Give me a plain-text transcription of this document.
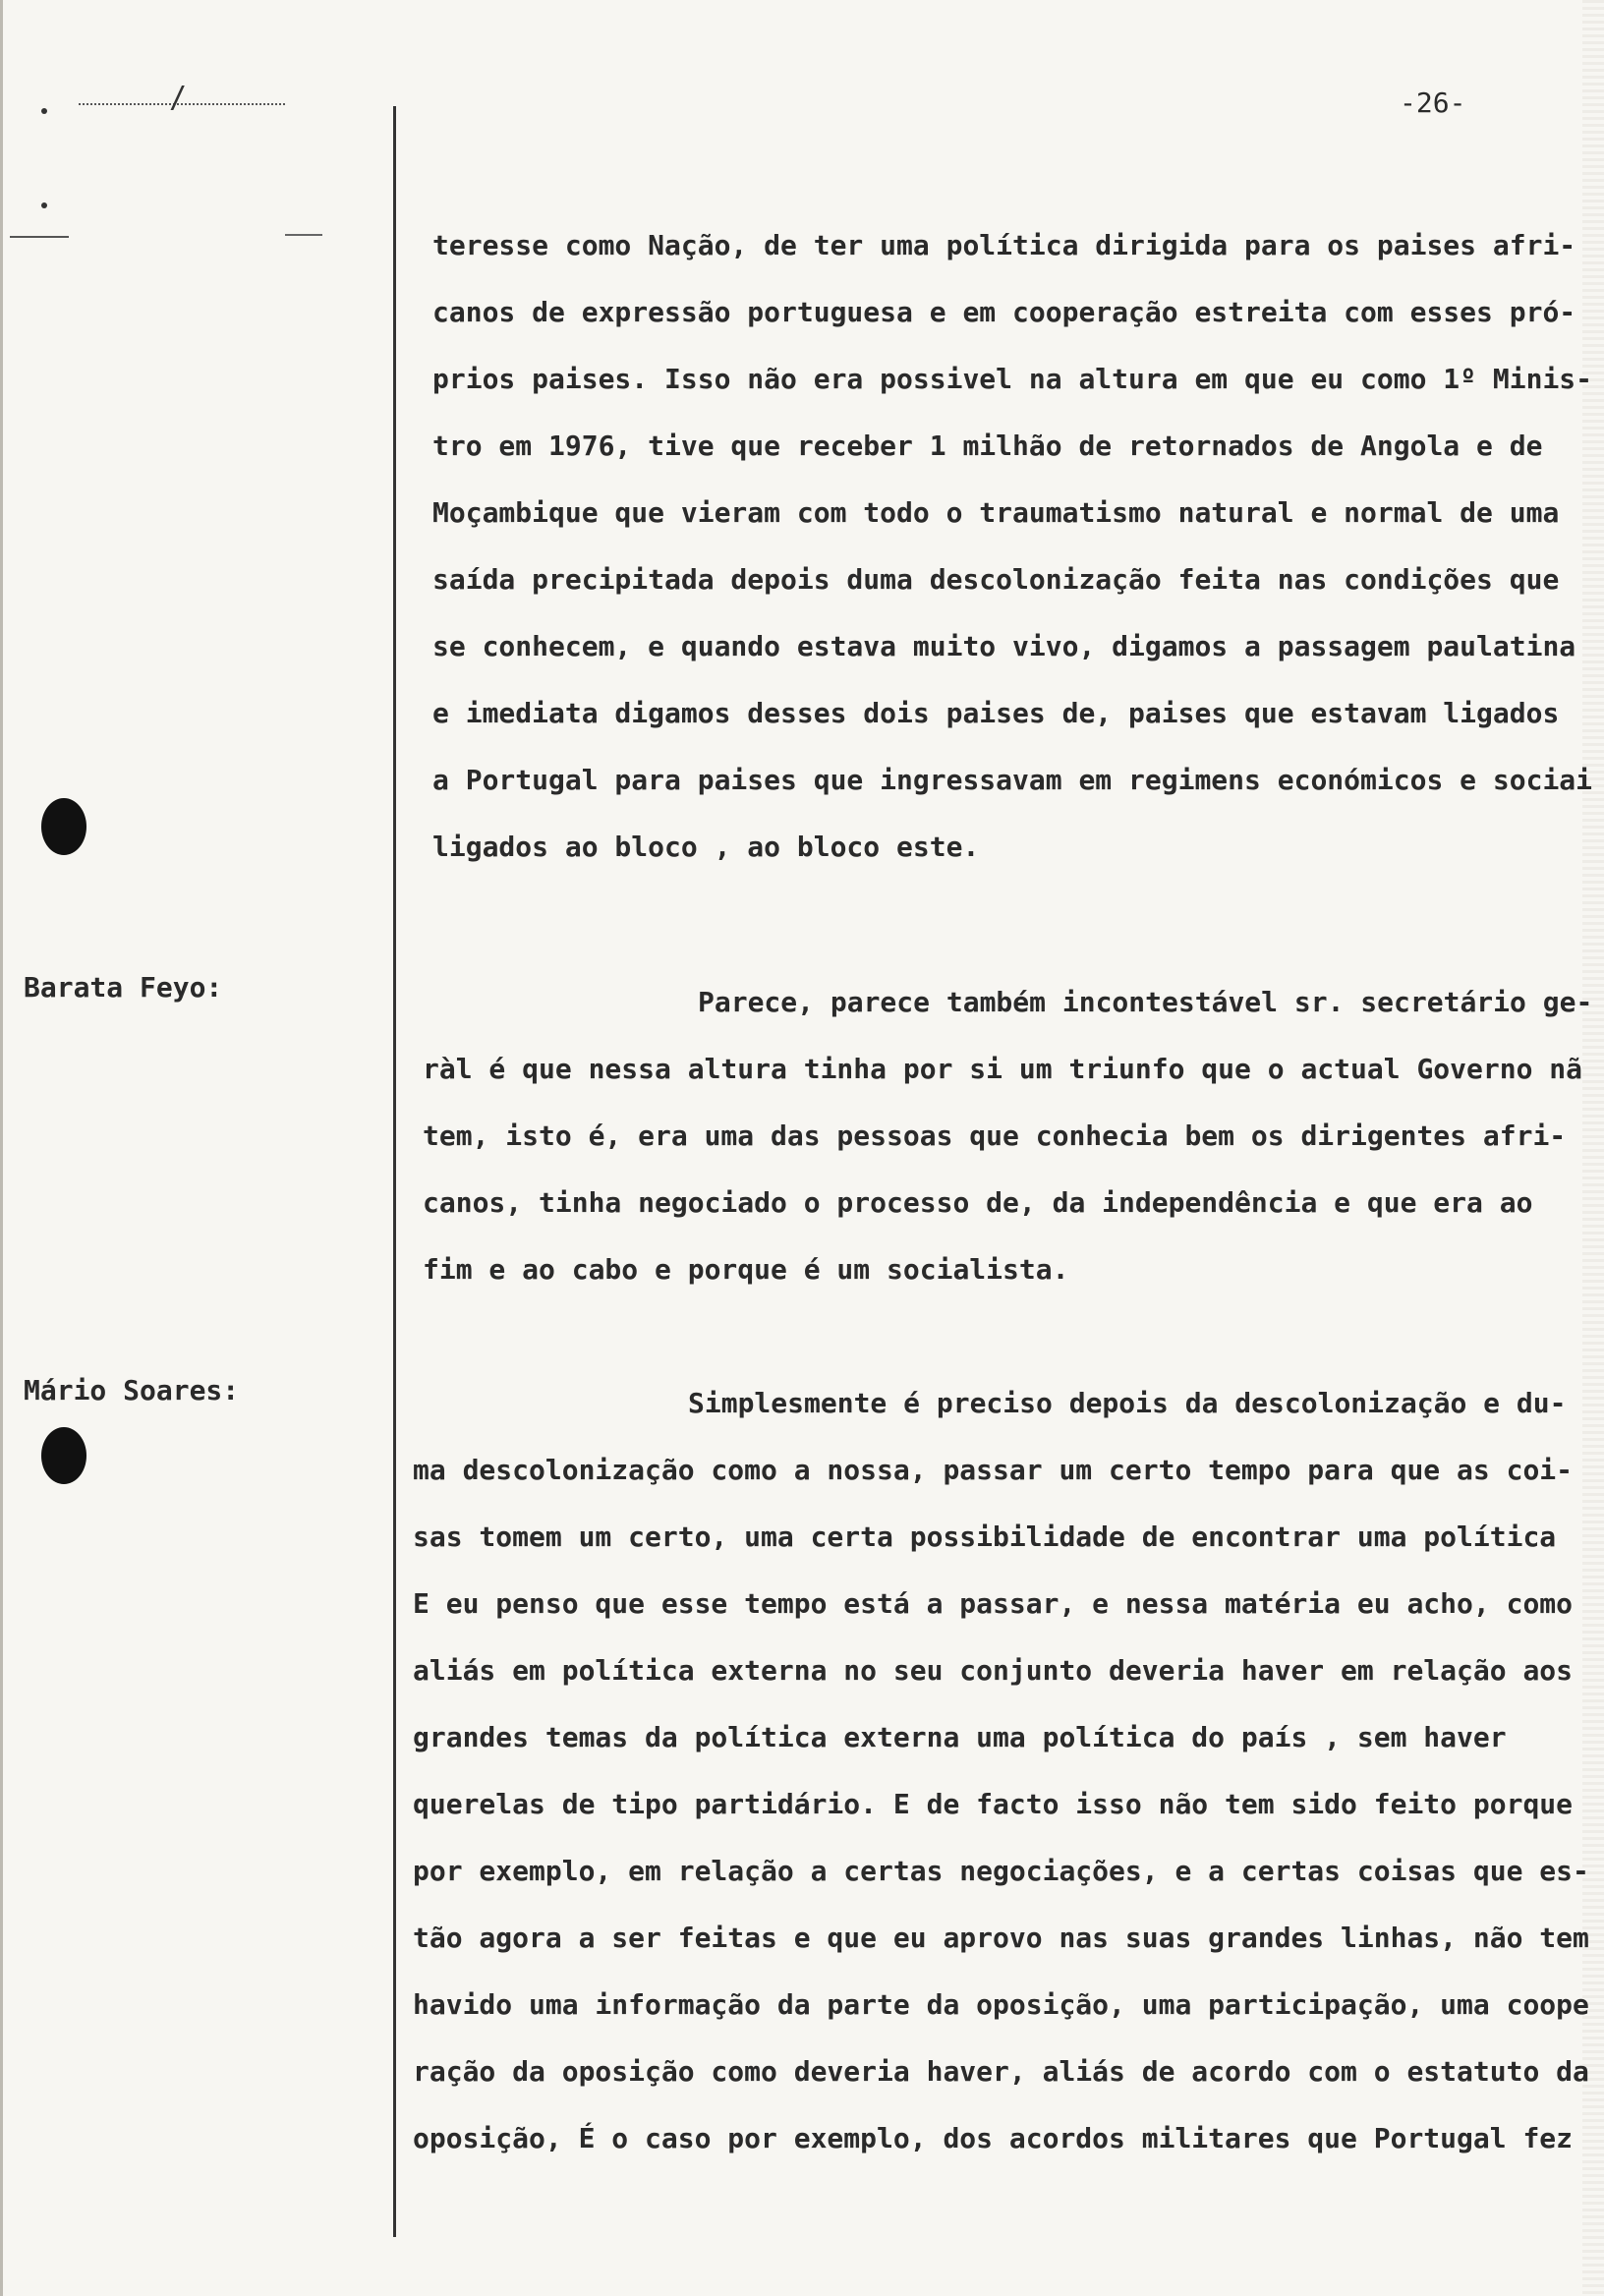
/	-26-
Barata Feyo:
Mário Soares:
teresse como Nação, de ter uma política dirigida para os paises afri-
canos de expressão portuguesa e em cooperação estreita com esses pró-
prios paises. Isso não era possivel na altura em que eu como 1º Minis-
tro em 1976, tive que receber 1 milhão de retornados de Angola e de
Moçambique que vieram com todo o traumatismo natural e normal de uma
saída precipitada depois duma descolonização feita nas condições que
se conhecem, e quando estava muito vivo, digamos a passagem paulatina
e imediata digamos desses dois paises de, paises que estavam ligados
a Portugal para paises que ingressavam em regimens económicos e sociai
ligados ao bloco , ao bloco este.
Parece, parece também incontestável sr. secretário ge-
ràl é que nessa altura tinha por si um triunfo que o actual Governo nã
tem, isto é, era uma das pessoas que conhecia bem os dirigentes afri-
canos, tinha negociado o processo de, da independência e que era ao
fim e ao cabo e porque é um socialista.
Simplesmente é preciso depois da descolonização e du-
ma descolonização como a nossa, passar um certo tempo para que as coi-
sas tomem um certo, uma certa possibilidade de encontrar uma política
E eu penso que esse tempo está a passar, e nessa matéria eu acho, como
aliás em política externa no seu conjunto deveria haver em relação aos
grandes temas da política externa uma política do país , sem haver
querelas de tipo partidário. E de facto isso não tem sido feito porque
por exemplo, em relação a certas negociações, e a certas coisas que es-
tão agora a ser feitas e que eu aprovo nas suas grandes linhas, não tem
havido uma informação da parte da oposição, uma participação, uma coope
ração da oposição como deveria haver, aliás de acordo com o estatuto da
oposição, É o caso por exemplo, dos acordos militares que Portugal fez
